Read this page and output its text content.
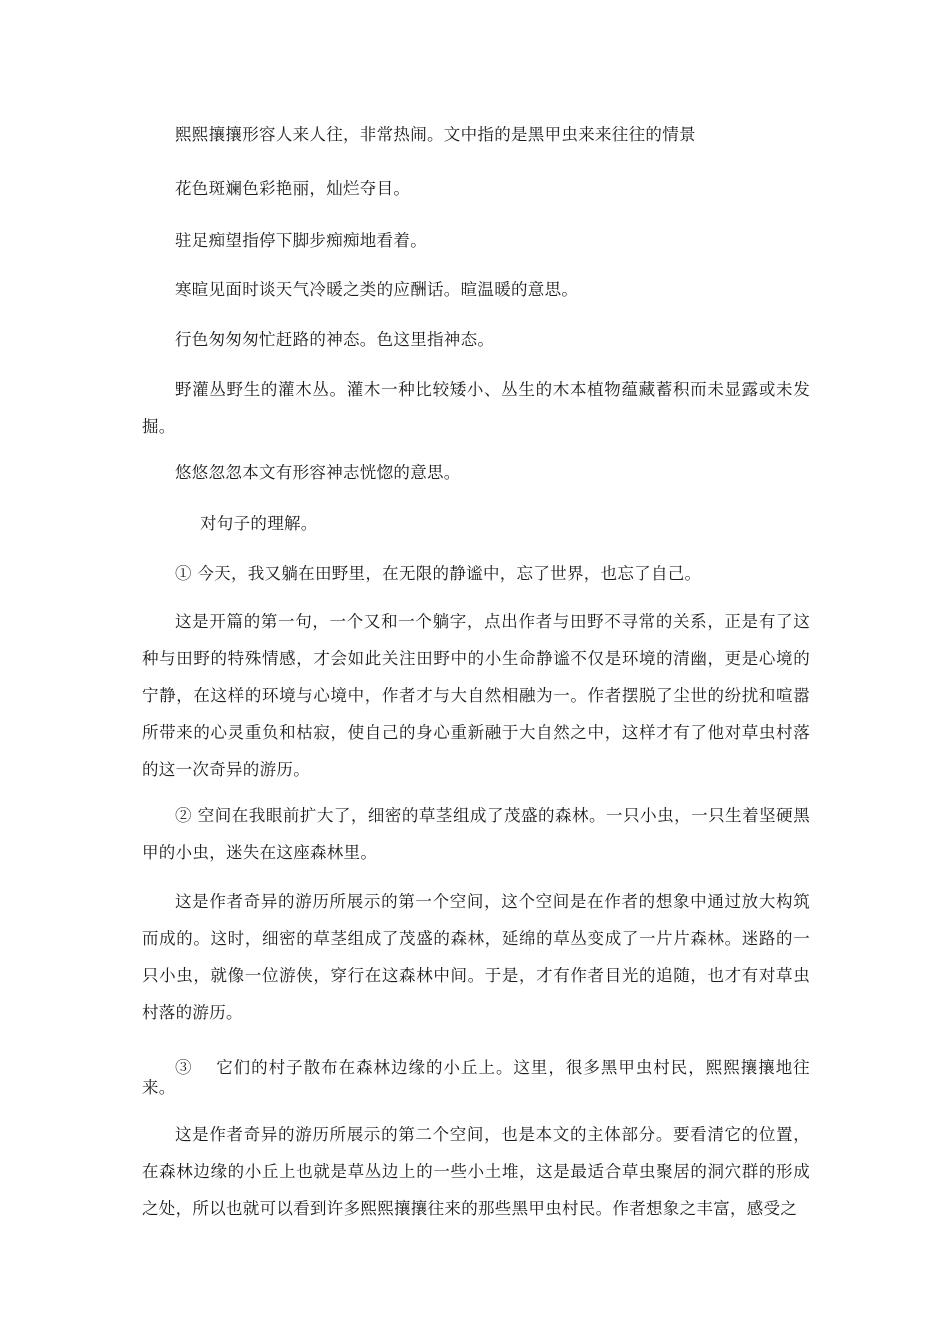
熙熙攘攘形容人来人往，非常热闹。文中指的是黑甲虫来来往往的情景

花色斑斓色彩艳丽，灿烂夺目。

驻足痴望指停下脚步痴痴地看着。

寒暄见面时谈天气冷暖之类的应酬话。暄温暖的意思。

行色匆匆匆忙赶路的神态。色这里指神态。

野灌丛野生的灌木丛。灌木一种比较矮小、丛生的木本植物蕴藏蓄积而未显露或未发掘。

悠悠忽忽本文有形容神志恍惚的意思。

对句子的理解。

① 今天，我又躺在田野里，在无限的静谧中，忘了世界，也忘了自己。

这是开篇的第一句，一个又和一个躺字，点出作者与田野不寻常的关系，正是有了这种与田野的特殊情感，才会如此关注田野中的小生命静谧不仅是环境的清幽，更是心境的宁静，在这样的环境与心境中，作者才与大自然相融为一。作者摆脱了尘世的纷扰和喧嚣所带来的心灵重负和枯寂，使自己的身心重新融于大自然之中，这样才有了他对草虫村落的这一次奇异的游历。

② 空间在我眼前扩大了，细密的草茎组成了茂盛的森林。一只小虫，一只生着坚硬黑甲的小虫，迷失在这座森林里。

这是作者奇异的游历所展示的第一个空间，这个空间是在作者的想象中通过放大构筑而成的。这时，细密的草茎组成了茂盛的森林，延绵的草丛变成了一片片森林。迷路的一只小虫，就像一位游侠，穿行在这森林中间。于是，才有作者目光的追随，也才有对草虫村落的游历。

③ 　它们的村子散布在森林边缘的小丘上。这里，很多黑甲虫村民，熙熙攘攘地往来。

这是作者奇异的游历所展示的第二个空间，也是本文的主体部分。要看清它的位置，在森林边缘的小丘上也就是草丛边上的一些小土堆，这是最适合草虫聚居的洞穴群的形成之处，所以也就可以看到许多熙熙攘攘往来的那些黑甲虫村民。作者想象之丰富，感受之
